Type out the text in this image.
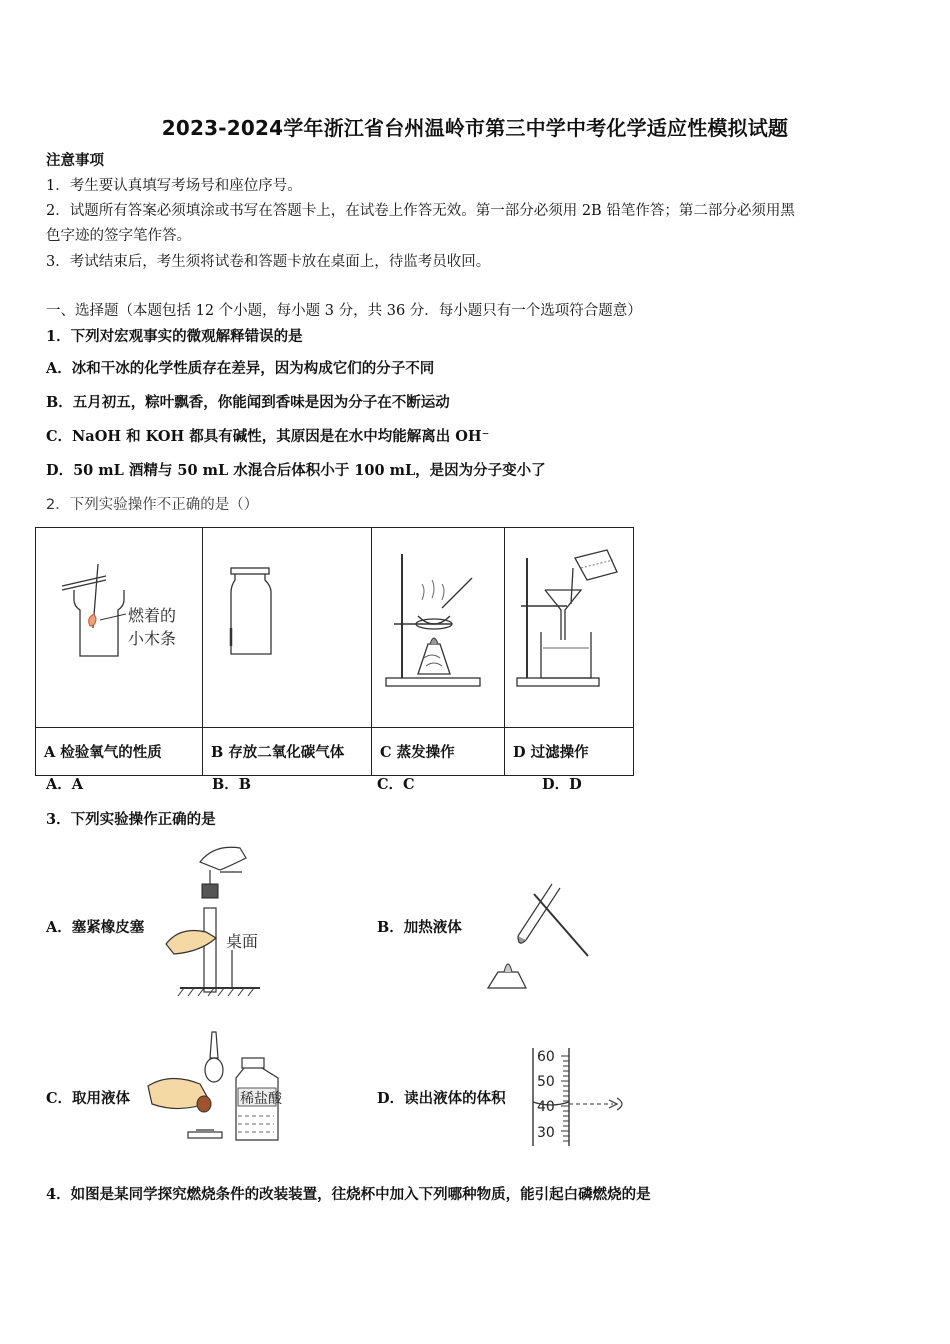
2023-2024学年浙江省台州温岭市第三中学中考化学适应性模拟试题
注意事项
1．考生要认真填写考场号和座位序号。
2．试题所有答案必须填涂或书写在答题卡上，在试卷上作答无效。第一部分必须用 2B 铅笔作答；第二部分必须用黑
色字迹的签字笔作答。
3．考试结束后，考生须将试卷和答题卡放在桌面上，待监考员收回。
一、选择题（本题包括 12 个小题，每小题 3 分，共 36 分．每小题只有一个选项符合题意）
1．下列对宏观事实的微观解释错误的是
A．冰和干冰的化学性质存在差异，因为构成它们的分子不同
B．五月初五，粽叶飘香，你能闻到香味是因为分子在不断运动
C．NaOH 和 KOH 都具有碱性，其原因是在水中均能解离出 OH⁻
D．50 mL 酒精与 50 mL 水混合后体积小于 100 mL，是因为分子变小了
2．下列实验操作不正确的是（）
燃着的
小木条

A 检验氧气的性质	B 存放二氧化碳气体	C 蒸发操作	D 过滤操作
A．A	B．B	C．C	D．D
3．下列实验操作正确的是
A．塞紧橡皮塞
桌面
B．加热液体
C．取用液体	稀盐酸	D．读出液体的体积
60
50
40
30
4．如图是某同学探究燃烧条件的改装装置，往烧杯中加入下列哪种物质，能引起白磷燃烧的是
